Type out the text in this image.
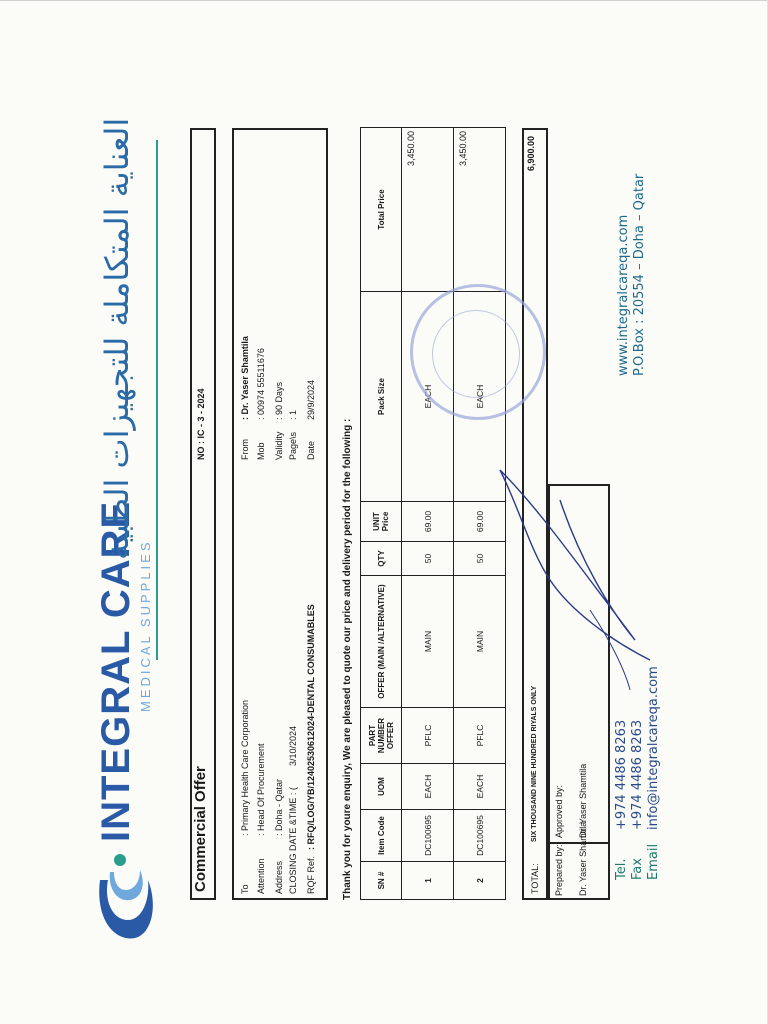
INTEGRAL CARE MEDICAL SUPPLIES
العناية المتكاملة للتجهيزات الطبية
Commercial Offer
NO : IC - 3 - 2024
To
: Primary Health Care Corporation
Attention
: Head Of Procurement
Address
: Doha - Qatar CLOSING DATE &TIME : (
3/10/2024
RQF Ref.
: RFQ/LOG/YB/12402530612024-DENTAL CONSUMABLES
From
: Dr. Yaser Shamtila
Mob
: 00974 55511676
Validity
: 90 Days
Page\s
: 1
Date
29/9/2024
Thank you for youre enquiry, We are pleased to quote our price and delivery period for the following :	SN #	Item Code	UOM	PART NUMBER OFFER	OFFER (MAIN /ALTERNATIVE)	QTY	UNIT Price	Pack Size	Total Price
1	DC100695	EACH	PFLC	MAIN	50	69.00	EACH	3,450.00
2	DC100695	EACH	PFLC	MAIN	50	69.00	EACH	3,450.00
TOTAL:
SIX THOUSAND NINE HUNDRED RIYALS ONLY
6,900.00
Prepared by: Dr. Yaser Shamtila
Approved by: Dr. Yaser Shamtila
Tel.
+974 4486 8263
Fax
+974 4486 8263
Email
info@integralcareqa.com
www.integralcareqa.com P.O.Box : 20554 – Doha – Qatar
